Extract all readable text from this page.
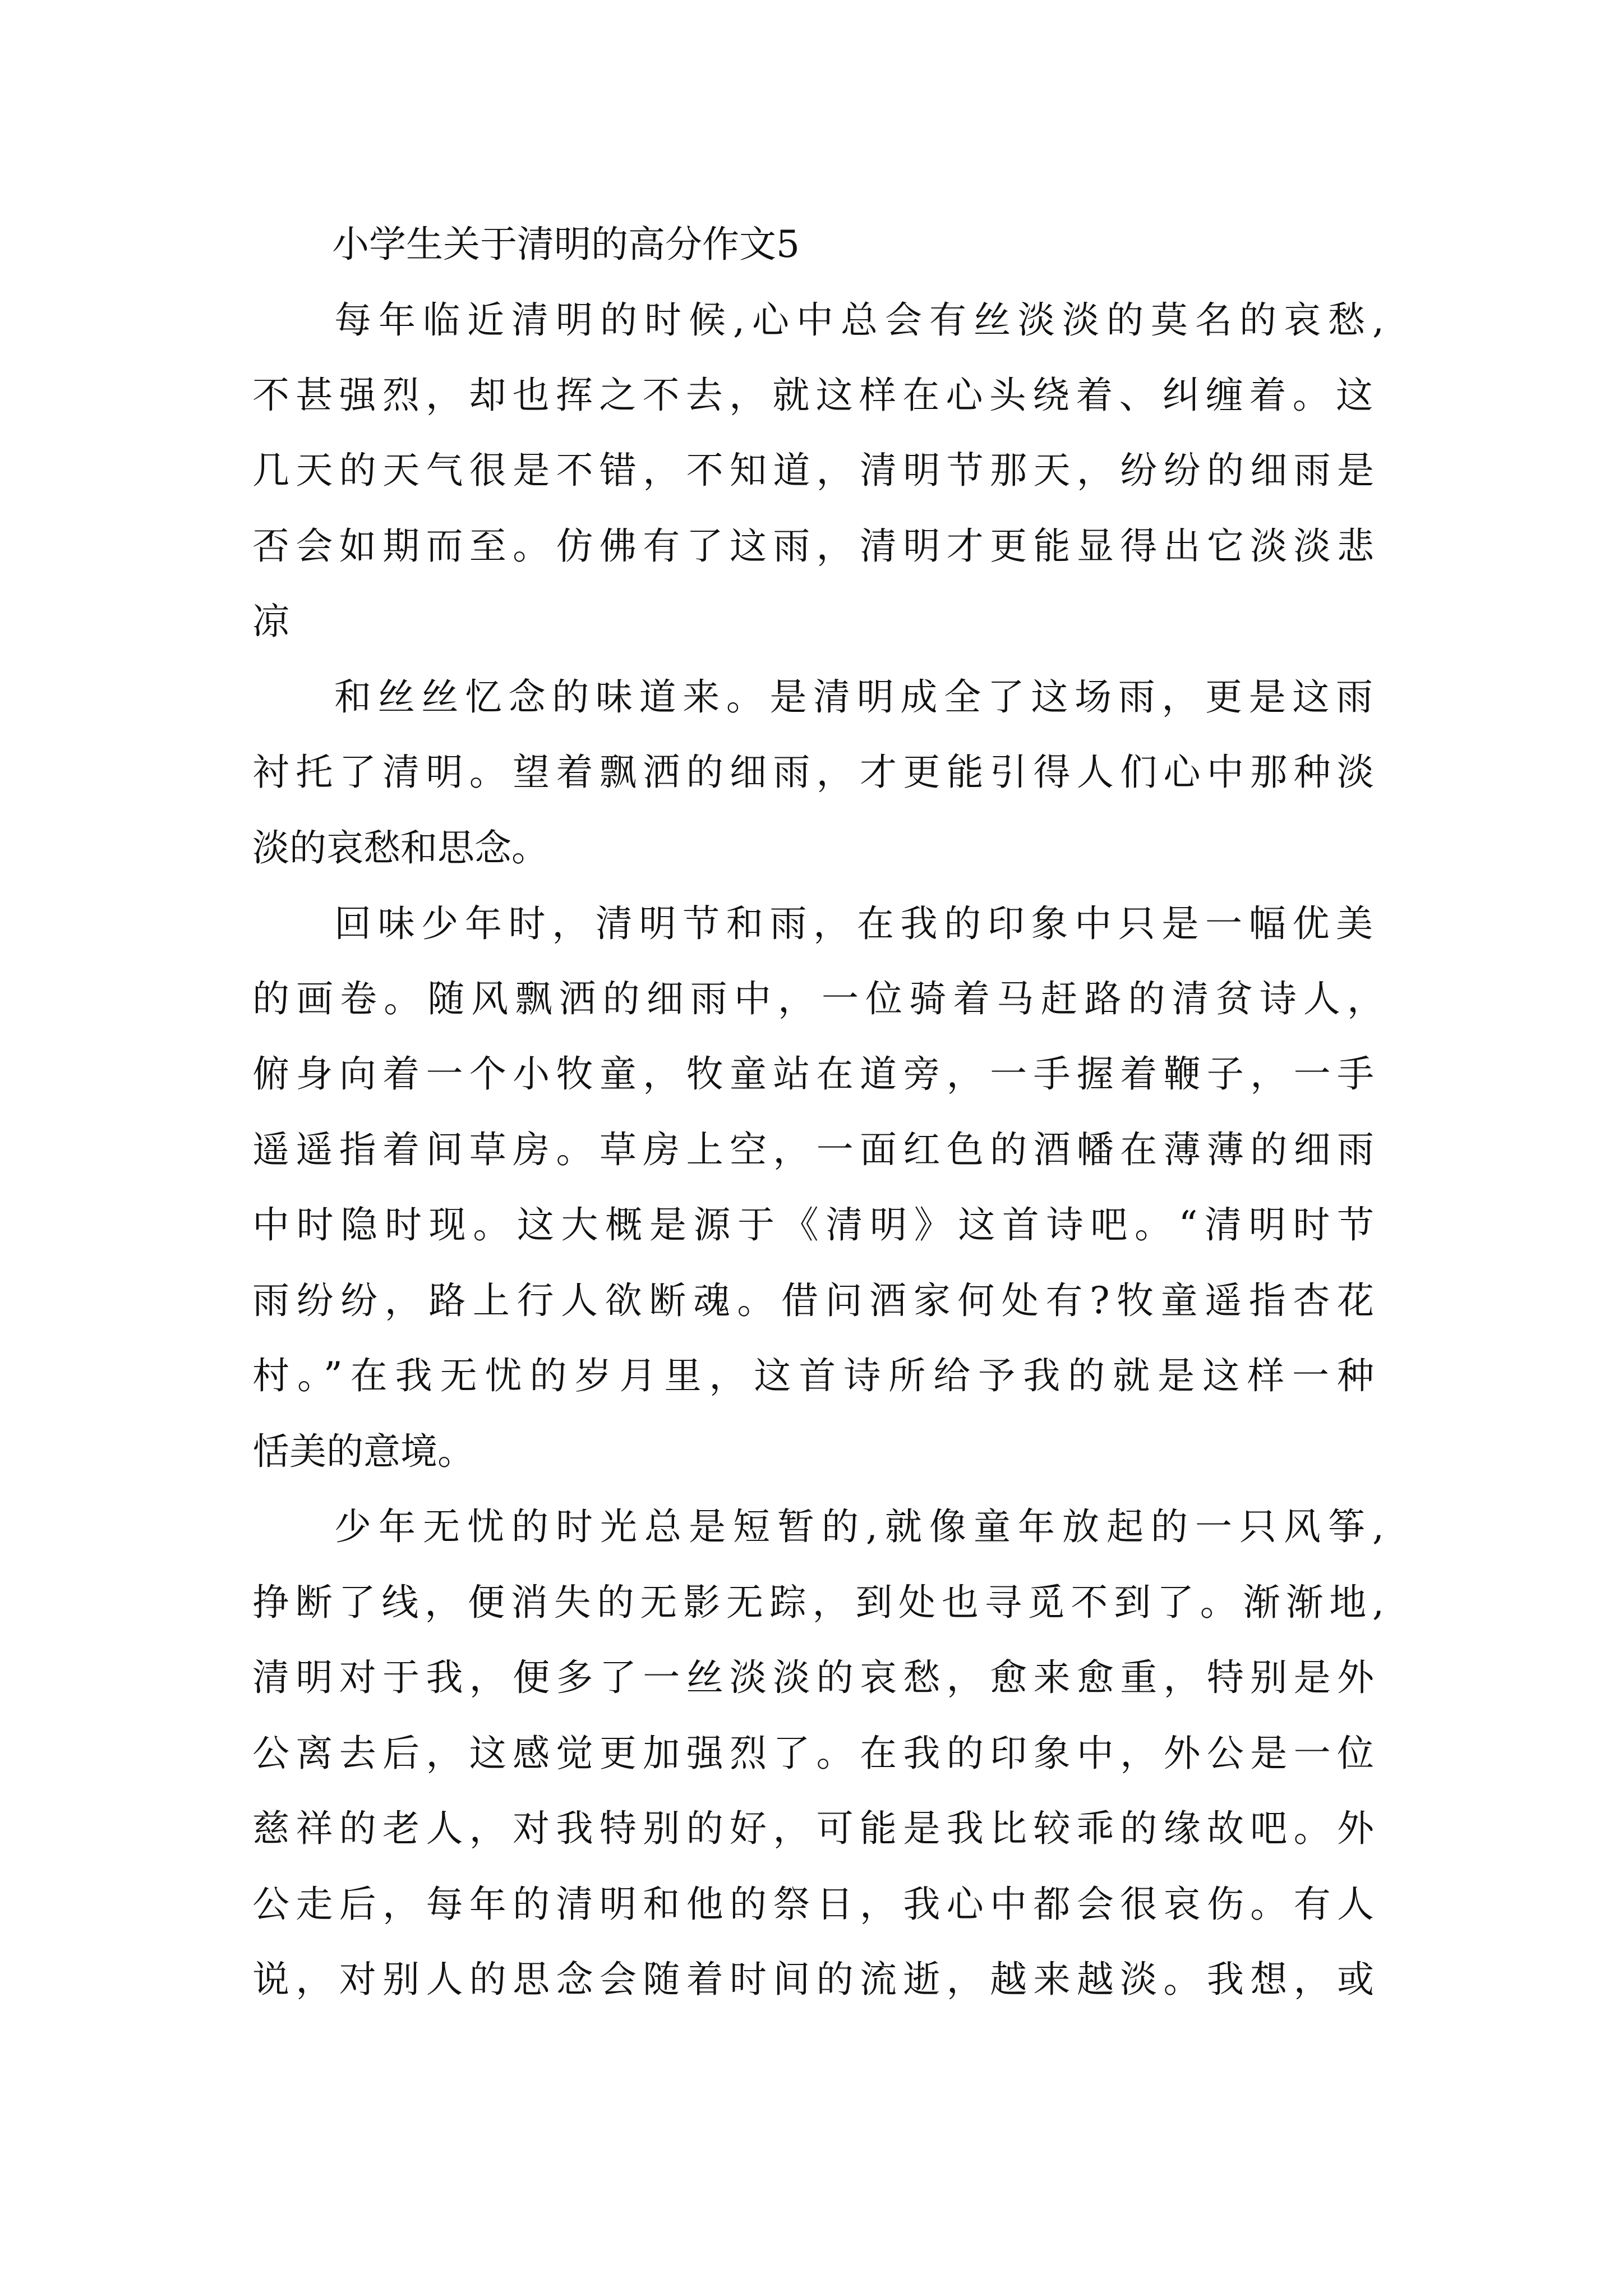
小学生关于清明的高分作文5
每年临近清明的时候,心中总会有丝淡淡的莫名的哀愁,
不甚强烈，却也挥之不去，就这样在心头绕着、纠缠着。这
几天的天气很是不错，不知道，清明节那天，纷纷的细雨是
否会如期而至。仿佛有了这雨，清明才更能显得出它淡淡悲
凉
和丝丝忆念的味道来。是清明成全了这场雨，更是这雨
衬托了清明。望着飘洒的细雨，才更能引得人们心中那种淡
淡的哀愁和思念。
回味少年时，清明节和雨，在我的印象中只是一幅优美
的画卷。随风飘洒的细雨中，一位骑着马赶路的清贫诗人，
俯身向着一个小牧童，牧童站在道旁，一手握着鞭子，一手
遥遥指着间草房。草房上空，一面红色的酒幡在薄薄的细雨
中时隐时现。这大概是源于《清明》这首诗吧。“清明时节
雨纷纷，路上行人欲断魂。借问酒家何处有?牧童遥指杏花
村。”在我无忧的岁月里，这首诗所给予我的就是这样一种
恬美的意境。
少年无忧的时光总是短暂的,就像童年放起的一只风筝,
挣断了线，便消失的无影无踪，到处也寻觅不到了。渐渐地,
清明对于我，便多了一丝淡淡的哀愁，愈来愈重，特别是外
公离去后，这感觉更加强烈了。在我的印象中，外公是一位
慈祥的老人，对我特别的好，可能是我比较乖的缘故吧。外
公走后，每年的清明和他的祭日，我心中都会很哀伤。有人
说，对别人的思念会随着时间的流逝，越来越淡。我想，或
